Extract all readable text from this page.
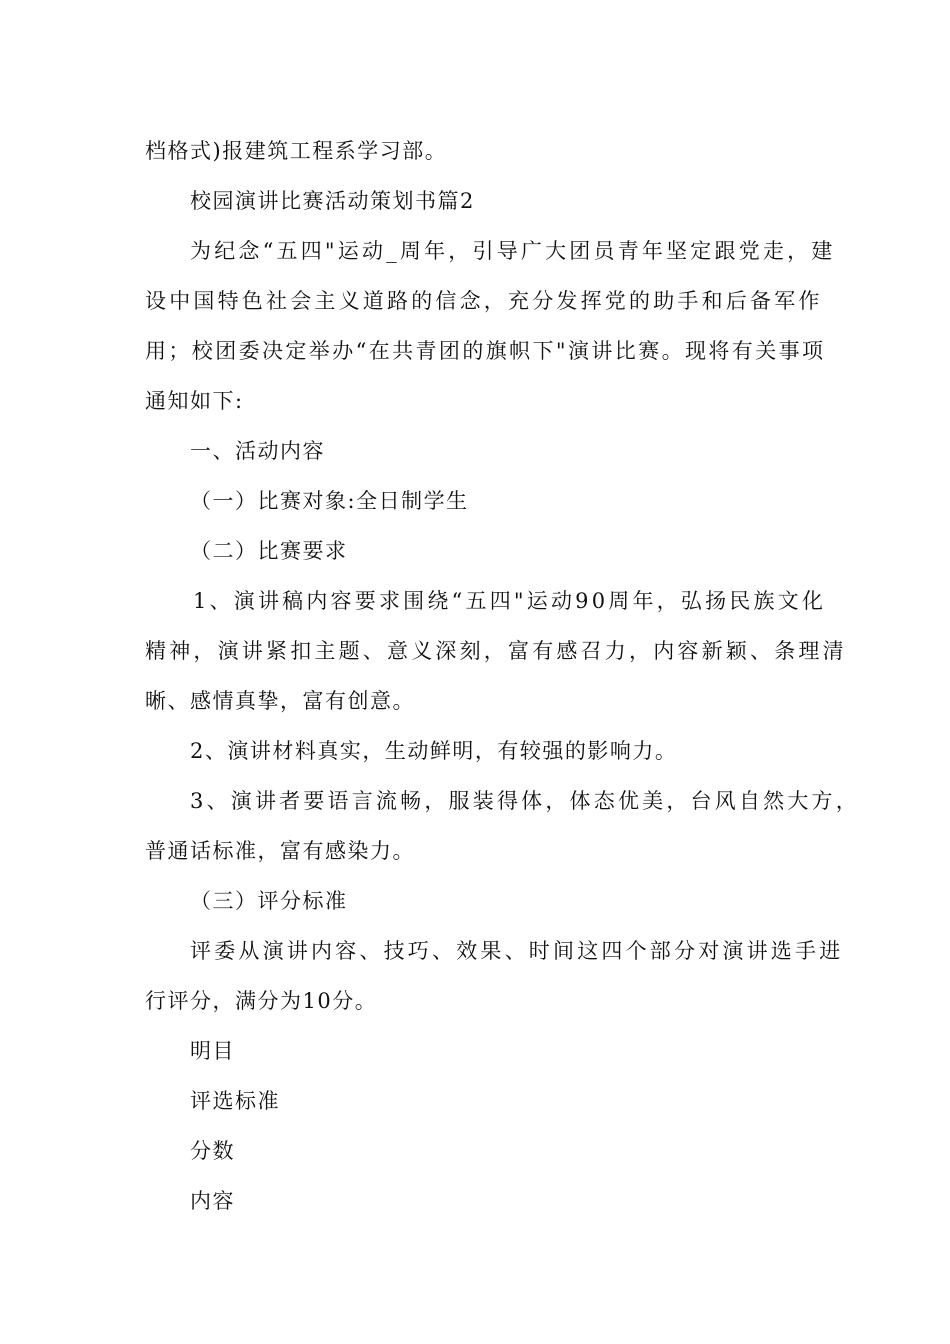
档格式)报建筑工程系学习部。
校园演讲比赛活动策划书篇2
为纪念“五四"运动_周年，引导广大团员青年坚定跟党走，建
设中国特色社会主义道路的信念，充分发挥党的助手和后备军作
用；校团委决定举办“在共青团的旗帜下"演讲比赛。现将有关事项
通知如下:
一、活动内容
（一）比赛对象:全日制学生
（二）比赛要求
1、演讲稿内容要求围绕“五四"运动90周年，弘扬民族文化
精神，演讲紧扣主题、意义深刻，富有感召力，内容新颖、条理清
晰、感情真挚，富有创意。
2、演讲材料真实，生动鲜明，有较强的影响力。
3、演讲者要语言流畅，服装得体，体态优美，台风自然大方，
普通话标准，富有感染力。
（三）评分标准
评委从演讲内容、技巧、效果、时间这四个部分对演讲选手进
行评分，满分为10分。
明目
评选标准
分数
内容
